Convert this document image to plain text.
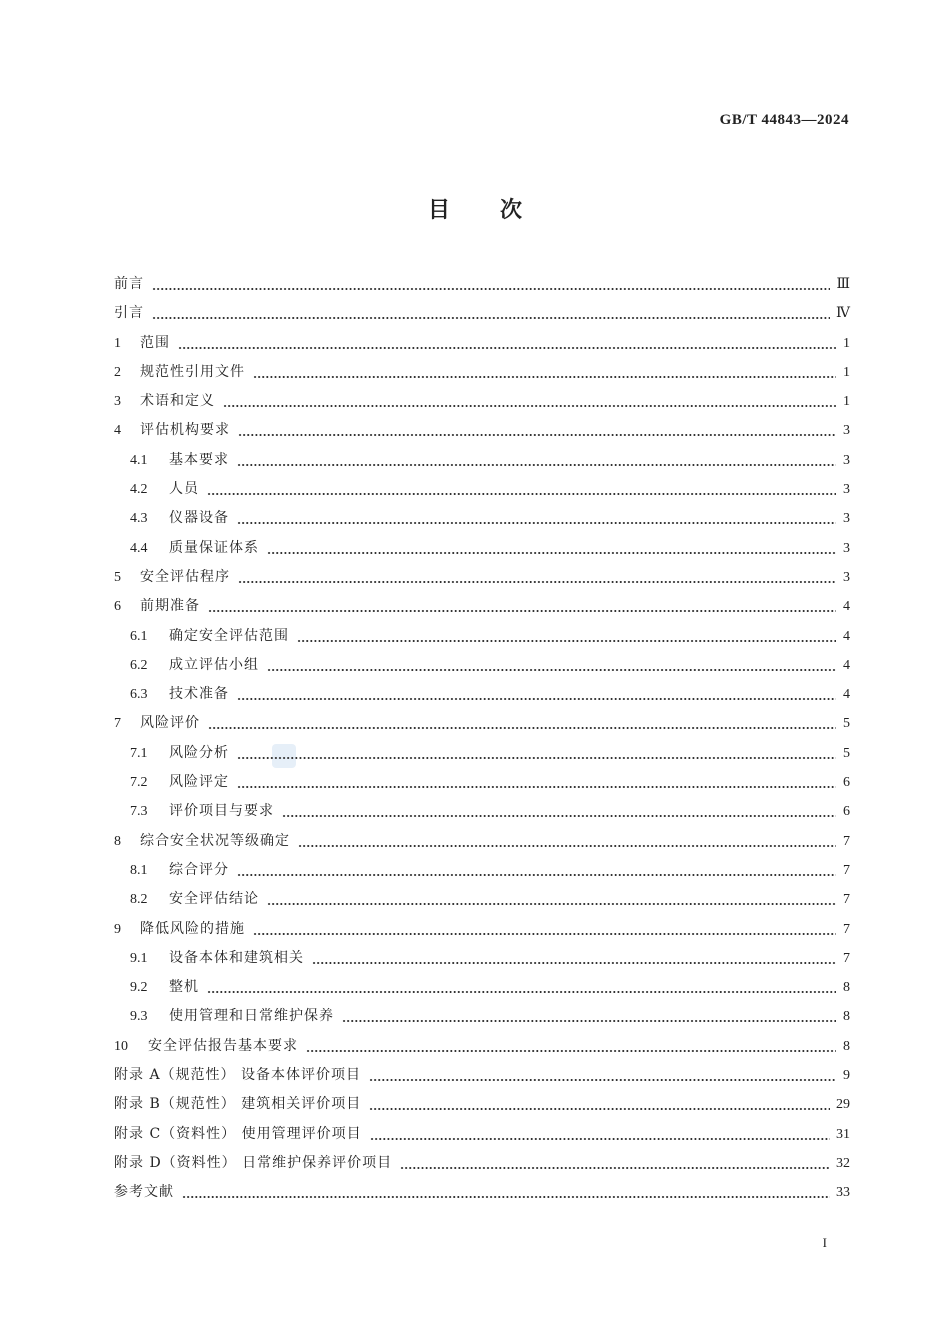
GB/T 44843—2024
目次
前言	Ⅲ
引言	Ⅳ
1	范围	1
2	规范性引用文件	1
3	术语和定义	1
4	评估机构要求	3
4.1	基本要求	3
4.2	人员	3
4.3	仪器设备	3
4.4	质量保证体系	3
5	安全评估程序	3
6	前期准备	4
6.1	确定安全评估范围	4
6.2	成立评估小组	4
6.3	技术准备	4
7	风险评价	5
7.1	风险分析	5
7.2	风险评定	6
7.3	评价项目与要求	6
8	综合安全状况等级确定	7
8.1	综合评分	7
8.2	安全评估结论	7
9	降低风险的措施	7
9.1	设备本体和建筑相关	7
9.2	整机	8
9.3	使用管理和日常维护保养	8
10	安全评估报告基本要求	8
附录 A（规范性） 设备本体评价项目	9
附录 B（规范性） 建筑相关评价项目	29
附录 C（资料性） 使用管理评价项目	31
附录 D（资料性） 日常维护保养评价项目	32
参考文献	33
I
